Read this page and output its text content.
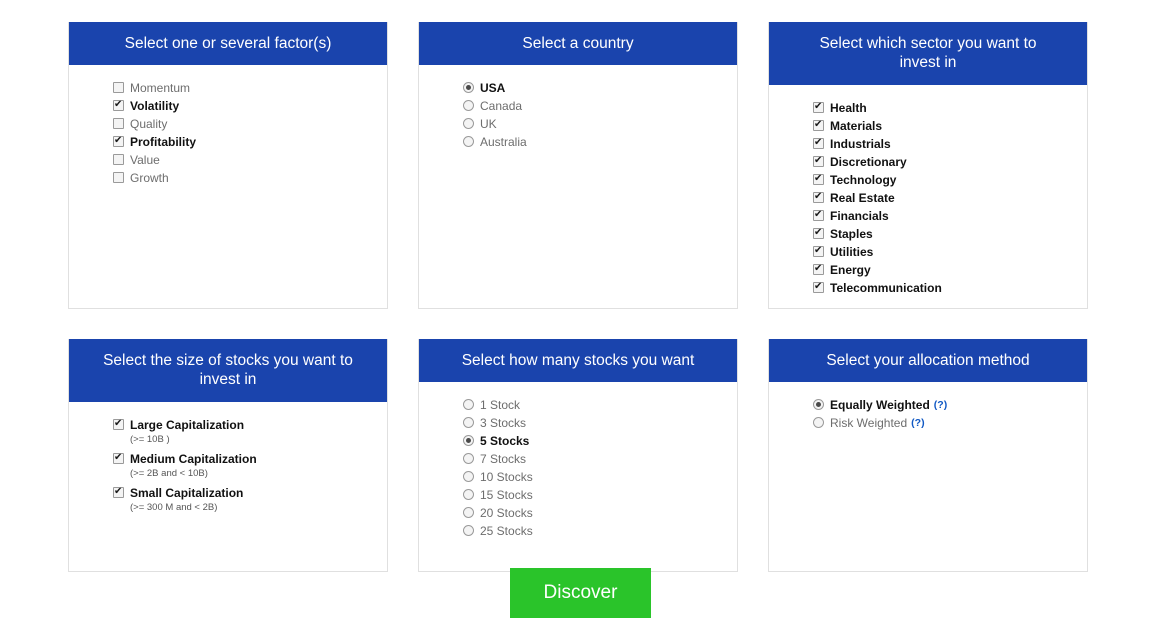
Select one or several factor(s)
Momentum
✔
Volatility
Quality
✔
Profitability
Value
Growth
Select a country
USA
Canada
UK
Australia
Select which sector you want to invest in
✔
Health
✔
Materials
✔
Industrials
✔
Discretionary
✔
Technology
✔
Real Estate
✔
Financials
✔
Staples
✔
Utilities
✔
Energy
✔
Telecommunication
Select the size of stocks you want to invest in
✔
Large Capitalization
(>= 10B )
✔
Medium Capitalization
(>= 2B and < 10B)
✔
Small Capitalization
(>= 300 M and < 2B)
Select how many stocks you want
1 Stock
3 Stocks
5 Stocks
7 Stocks
10 Stocks
15 Stocks
20 Stocks
25 Stocks
Select your allocation method
Equally Weighted (?)
Risk Weighted (?)
Discover
